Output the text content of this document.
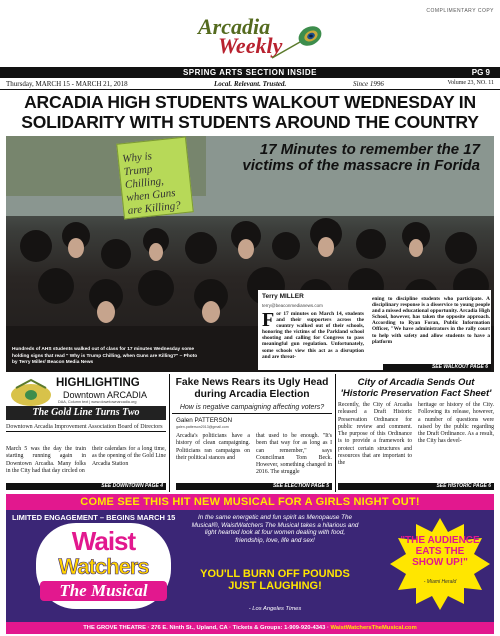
COMPLIMENTARY COPY
Arcadia
Weekly
SPRING ARTS SECTION INSIDE	PG 9
Thursday, MARCH 15 - MARCH 21, 2018	Local. Relevant. Trusted.	Since 1996	Volume 23, NO. 11
ARCADIA HIGH STUDENTS WALKOUT WEDNESDAY IN SOLIDARITY WITH STUDENTS AROUND THE COUNTRY
Why is Trump Chilling, when Guns are Killing?
17 Minutes to remember the 17 victims of the massacre in Forida
Hundreds of AHS students walked out of class for 17 minutes Wednesday some holding signs that read " Why is Trump Chilling, when Guns are Killing?" – Photo by Terry Miller/ Beacon Media News
Terry MILLER
terry@beaconmedianews.com
For 17 minutes on March 14, students and their supporters across the country walked out of their schools, honoring the victims of the Parkland school shooting and calling for Congress to pass meaningful gun regulation. Unfortunately, some schools view this act as a disruption and are threat-
ening to discipline students who participate. A disciplinary response is a disservice to young people and a missed educational opportunity. Arcadia High School, however, has taken the opposite approach. According to Ryan Foran, Public Information Officer, "We have administrators in the rally court to help with safety and allow students to have a platform
SEE WALKOUT PAGE 6
HIGHLIGHTING
Downtown ARCADIA
DAA, Column text | www.downtownarcadia.org
The Gold Line Turns Two
Downtown Arcadia Improvement Association Board of Directors
March 5 was the day the train starting running again in Downtown Arcadia. Many folks in the City had that day circled on
their calendars for a long time, as the opening of the Gold Line Arcadia Station
SEE DOWNTOWN PAGE 4
Fake News Rears its Ugly Head during Arcadia Election
How is negative campaigning affecting voters?
Galen PATTERSON
galen.patterson2013@gmail.com
Arcadia's politicians have a history of clean campaigning. Politicians ran campaigns on their political stances and
that used to be enough. "It's been that way for as long as I can remember," says Councilman Tom Beck. However, something changed in 2016. The struggle
SEE ELECTION PAGE 5
City of Arcadia Sends Out 'Historic Preservation Fact Sheet'
Recently, the City of Arcadia released a Draft Historic Preservation Ordinance for public review and comment. The purpose of this Ordinance is to provide a framework to protect certain structures and resources that are important to the
heritage or history of the City. Following its release, however, a number of questions were raised by the public regarding the Draft Ordinance. As a result, the City has devel-
SEE HISTORIC PAGE 6
COME SEE THIS HIT NEW MUSICAL FOR A GIRLS NIGHT OUT!
LIMITED ENGAGEMENT – BEGINS MARCH 15
Waist
Watchers
The Musical
In the same energetic and fun spirit as Menopause The Musical®, WaistWatchers The Musical takes a hilarious and light hearted look at four women dealing with food, friendship, love, life and sex!
YOU'LL BURN OFF POUNDS JUST LAUGHING!
- Los Angeles Times
"THE AUDIENCE EATS THE SHOW UP!"
- Miami Herald
THE GROVE THEATRE · 276 E. Ninth St., Upland, CA · Tickets & Groups: 1-909-920-4343 · WaistWatchersTheMusical.com
